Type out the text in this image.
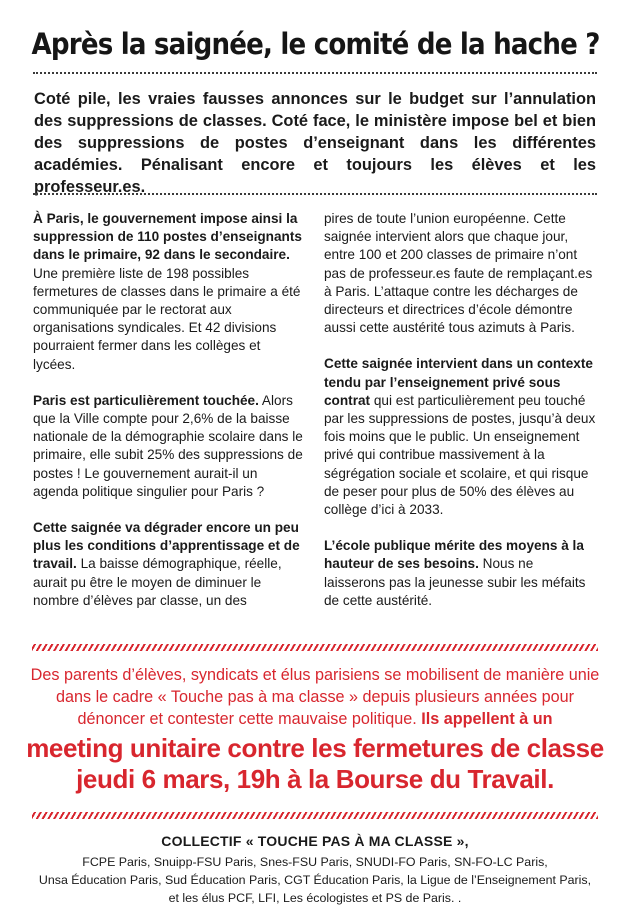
Après la saignée, le comité de la hache ?

Coté pile, les vraies fausses annonces sur le budget sur l’annulation des suppressions de classes. Coté face, le ministère impose bel et bien des suppressions de postes d’enseignant dans les différentes académies. Pénalisant encore et toujours les élèves et les professeur.es.

À Paris, le gouvernement impose ainsi la suppression de 110 postes d’enseignants dans le primaire, 92 dans le secondaire. Une première liste de 198 possibles fermetures de classes dans le primaire a été communiquée par le rectorat aux organisations syndicales. Et 42 divisions pourraient fermer dans les collèges et lycées.

Paris est particulièrement touchée. Alors que la Ville compte pour 2,6% de la baisse nationale de la démographie scolaire dans le primaire, elle subit 25% des suppressions de postes ! Le gouvernement aurait-il un agenda politique singulier pour Paris ?

Cette saignée va dégrader encore un peu plus les conditions d’apprentissage et de travail. La baisse démographique, réelle, aurait pu être le moyen de diminuer le nombre d’élèves par classe, un des

pires de toute l’union européenne. Cette saignée intervient alors que chaque jour, entre 100 et 200 classes de primaire n’ont pas de professeur.es faute de remplaçant.es à Paris. L’attaque contre les décharges de directeurs et directrices d’école démontre aussi cette austérité tous azimuts à Paris.

Cette saignée intervient dans un contexte tendu par l’enseignement privé sous contrat qui est particulièrement peu touché par les suppressions de postes, jusqu’à deux fois moins que le public. Un enseignement privé qui contribue massivement à la ségrégation sociale et scolaire, et qui risque de peser pour plus de 50% des élèves au collège d’ici à 2033.

L’école publique mérite des moyens à la hauteur de ses besoins. Nous ne laisserons pas la jeunesse subir les méfaits de cette austérité.

Des parents d’élèves, syndicats et élus parisiens se mobilisent de manière unie dans le cadre « Touche pas à ma classe » depuis plusieurs années pour dénoncer et contester cette mauvaise politique. Ils appellent à un

meeting unitaire contre les fermetures de classe
jeudi 6 mars, 19h à la Bourse du Travail.
COLLECTIF « TOUCHE PAS À MA CLASSE »,
FCPE Paris, Snuipp-FSU Paris, Snes-FSU Paris, SNUDI-FO Paris, SN-FO-LC Paris,
Unsa Éducation Paris, Sud Éducation Paris, CGT Éducation Paris, la Ligue de l’Enseignement Paris,
et les élus PCF, LFI, Les écologistes et PS de Paris. .
